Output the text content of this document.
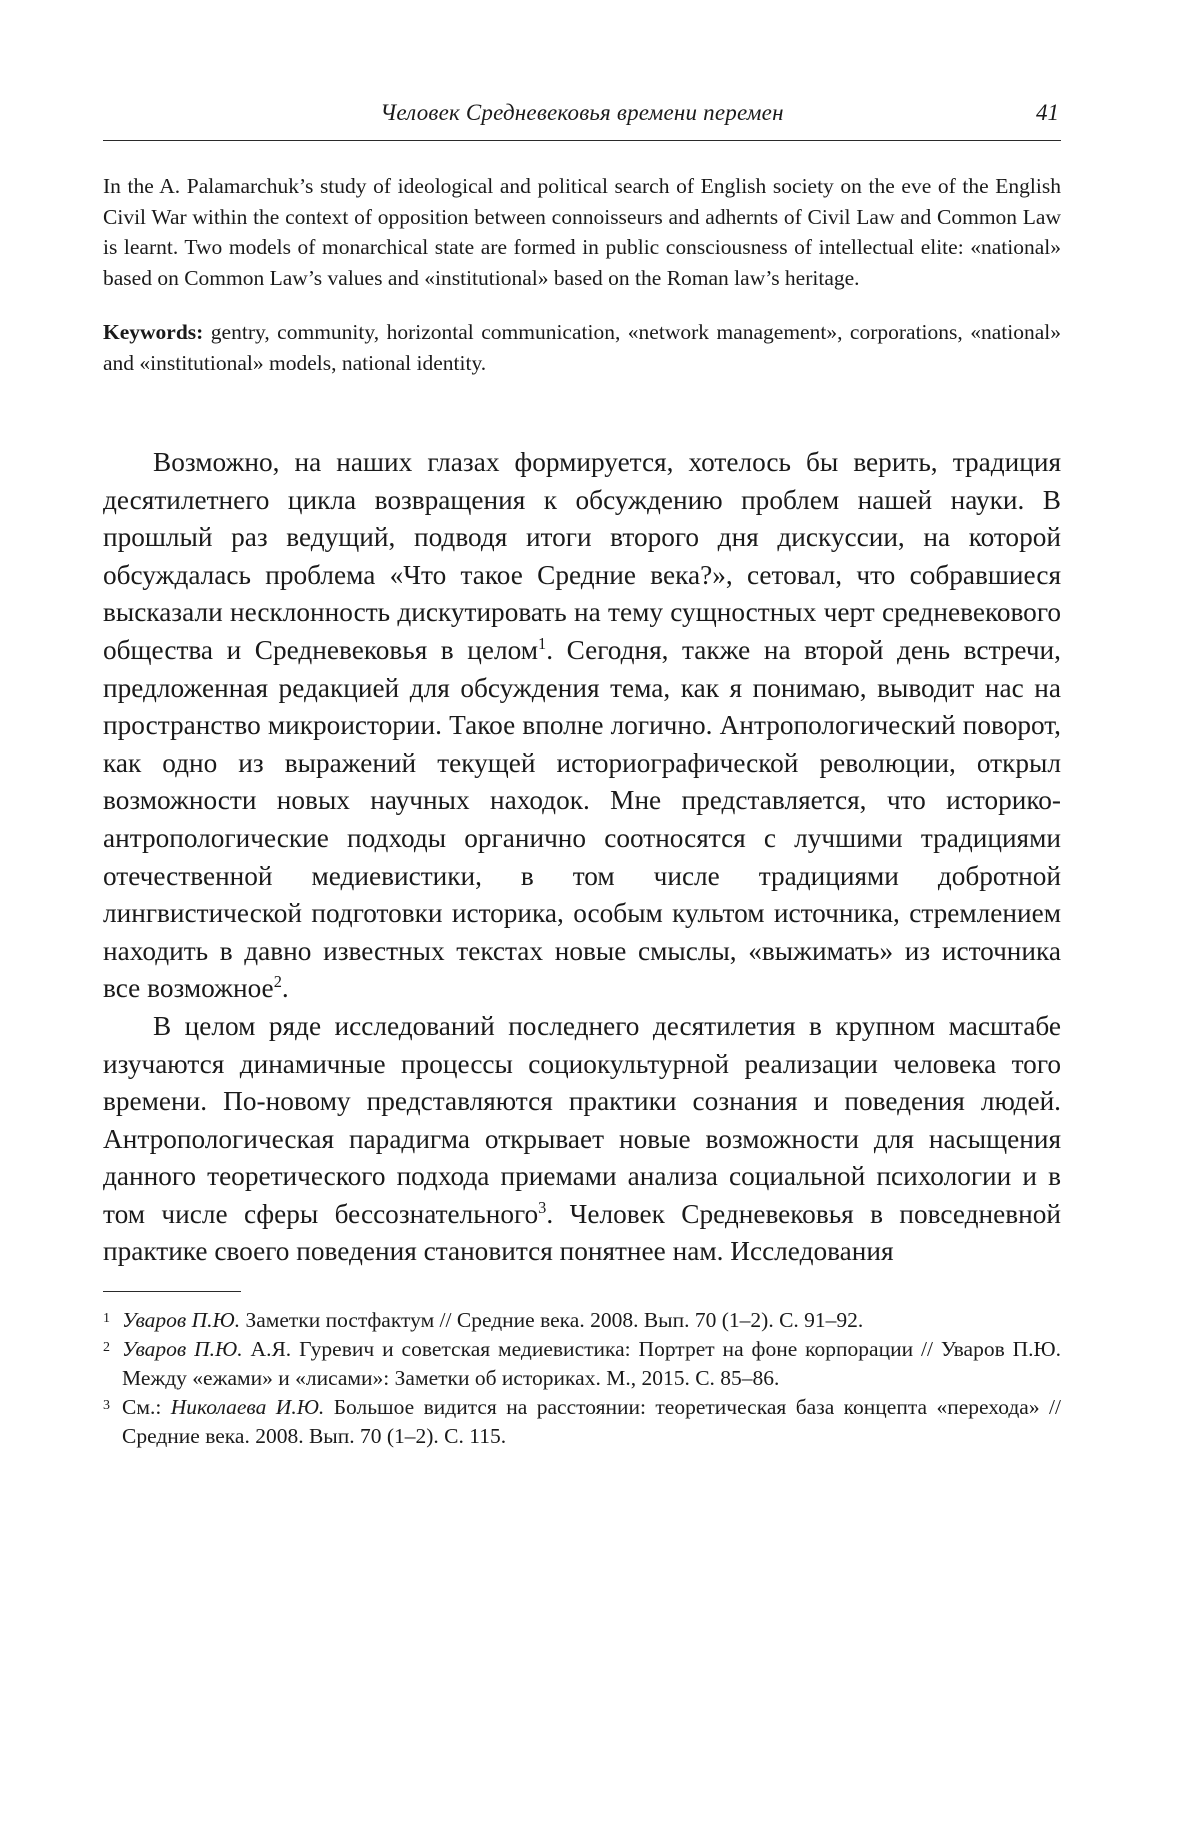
Человек Средневековья времени перемен	41
In the A. Palamarchuk’s study of ideological and political search of English society on the eve of the English Civil War within the context of opposition between connoisseurs and adhernts of Civil Law and Common Law is learnt. Two models of monarchical state are formed in public consciousness of intellectual elite: «national» based on Common Law’s values and «institutional» based on the Roman law’s heritage.
Keywords: gentry, community, horizontal communication, «network management», corporations, «national» and «institutional» models, national identity.

Возможно, на наших глазах формируется, хотелось бы верить, традиция десятилетнего цикла возвращения к обсуждению проблем нашей науки. В прошлый раз ведущий, подводя итоги второго дня дискуссии, на которой обсуждалась проблема «Что такое Средние века?», сетовал, что собравшиеся высказали несклонность дискутировать на тему сущностных черт средневекового общества и Средневековья в целом1. Сегодня, также на второй день встречи, предложенная редакцией для обсуждения тема, как я понимаю, выводит нас на пространство микроистории. Такое вполне логично. Антропологический поворот, как одно из выражений текущей историографической революции, открыл возможности новых научных находок. Мне представляется, что историко-антропологические подходы органично соотносятся с лучшими традициями отечественной медиевистики, в том числе традициями добротной лингвистической подготовки историка, особым культом источника, стремлением находить в давно известных текстах новые смыслы, «выжимать» из источника все возможное2.

В целом ряде исследований последнего десятилетия в крупном масштабе изучаются динамичные процессы социокультурной реализации человека того времени. По-новому представляются практики сознания и поведения людей. Антропологическая парадигма открывает новые возможности для насыщения данного теоретического подхода приемами анализа социальной психологии и в том числе сферы бессознательного3. Человек Средневековья в повседневной практике своего поведения становится понятнее нам. Исследования

1 Уваров П.Ю. Заметки постфактум // Средние века. 2008. Вып. 70 (1–2). С. 91–92.

2 Уваров П.Ю. А.Я. Гуревич и советская медиевистика: Портрет на фоне корпорации // Уваров П.Ю. Между «ежами» и «лисами»: Заметки об историках. М., 2015. С. 85–86.

3 См.: Николаева И.Ю. Большое видится на расстоянии: теоретическая база концепта «перехода» // Средние века. 2008. Вып. 70 (1–2). С. 115.
